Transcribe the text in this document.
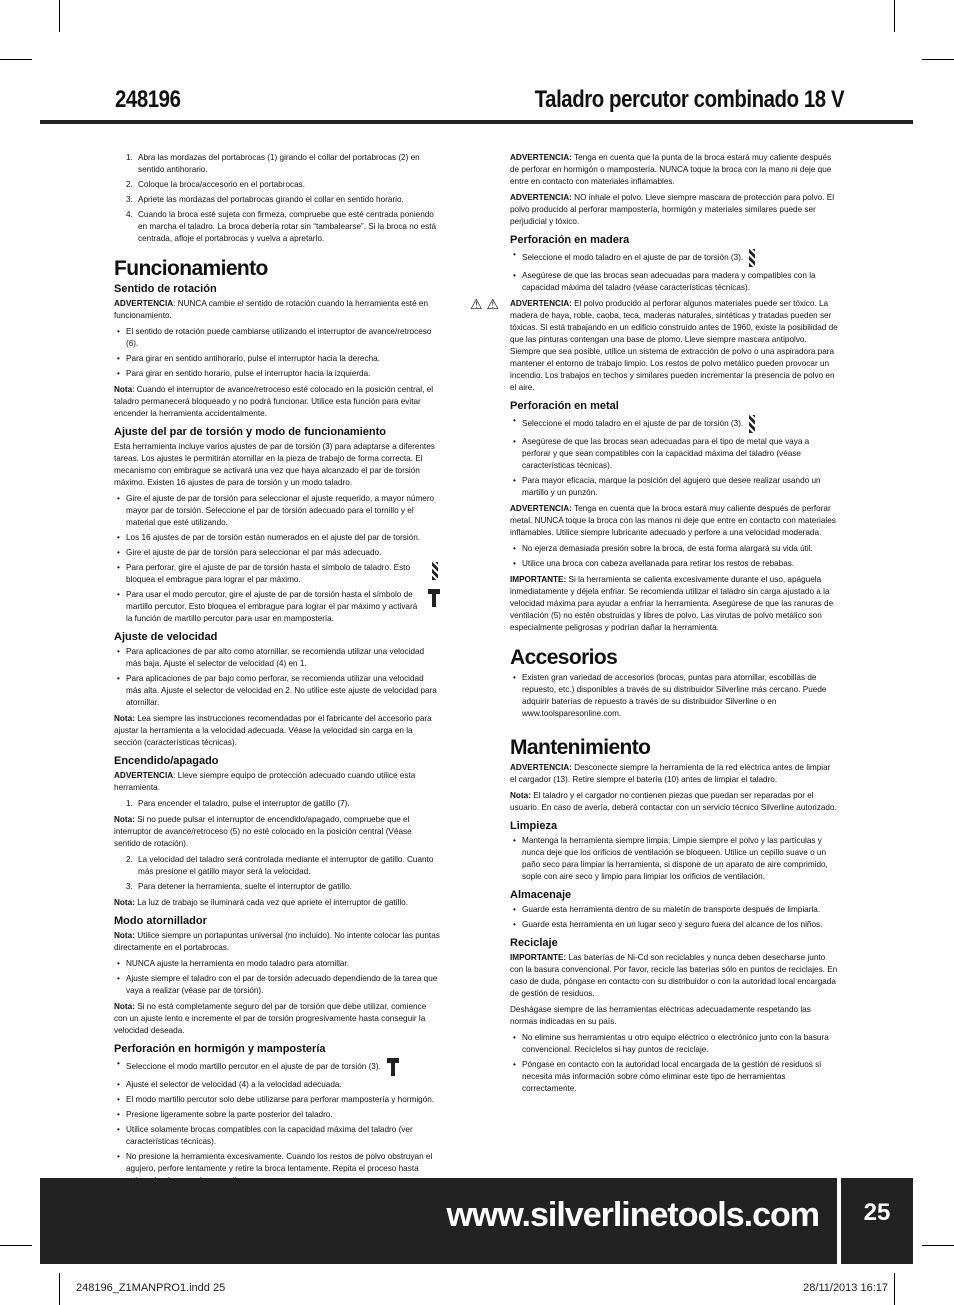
248196	Taladro percutor combinado 18 V
1. Abra las mordazas del portabrocas (1) girando el collar del portabrocas (2) en sentido antihorario.
2. Coloque la broca/accesorio en el portabrocas.
3. Apriete las mordazas del portabrocas girando el collar en sentido horario.
4. Cuando la broca esté sujeta con firmeza, compruebe que esté centrada poniendo en marcha el taladro. La broca debería rotar sin “tambalearse”. Si la broca no está centrada, afloje el portabrocas y vuelva a apretarlo.
Funcionamiento
Sentido de rotación

ADVERTENCIA: NUNCA cambie el sentido de rotación cuando la herramienta esté en funcionamiento.

• El sentido de rotación puede cambiarse utilizando el interruptor de avance/retroceso (6).
• Para girar en sentido antihorario, pulse el interruptor hacia la derecha.
• Para girar en sentido horario, pulse el interruptor hacia la izquierda.

Nota: Cuando el interruptor de avance/retroceso esté colocado en la posición central, el taladro permanecerá bloqueado y no podrá funcionar. Utilice esta función para evitar encender la herramienta accidentalmente.

Ajuste del par de torsión y modo de funcionamiento

Esta herramienta incluye varios ajustes de par de torsión (3) para adaptarse a diferentes tareas. Los ajustes le permitirán atornillar en la pieza de trabajo de forma correcta. El mecanismo con embrague se activará una vez que haya alcanzado el par de torsión máximo. Existen 16 ajustes de para de torsión y un modo taladro.

• Gire el ajuste de par de torsión para seleccionar el ajuste requerido, a mayor número mayor par de torsión. Seleccione el par de torsión adecuado para el tornillo y el material que esté utilizando.
• Los 16 ajustes de par de torsión están numerados en el ajuste del par de torsión.
• Gire el ajuste de par de torsión para seleccionar el par más adecuado.
• Para perforar, gire el ajuste de par de torsión hasta el símbolo de taladro. Esto bloquea el embrague para lograr el par máximo.
• Para usar el modo percutor, gire el ajuste de par de torsión hasta el símbolo de martillo percutor. Esto bloquea el embrague para lograr el par máximo y activará la función de martillo percutor para usar en mampostería.
Ajuste de velocidad
• Para aplicaciones de par alto como atornillar, se recomienda utilizar una velocidad más baja. Ajuste el selector de velocidad (4) en 1.
• Para aplicaciones de par bajo como perforar, se recomienda utilizar una velocidad más alta. Ajuste el selector de velocidad en 2. No utilice este ajuste de velocidad para atornillar.

Nota: Lea siempre las instrucciones recomendadas por el fabricante del accesorio para ajustar la herramienta a la velocidad adecuada. Véase la velocidad sin carga en la sección (características técnicas).

Encendido/apagado

ADVERTENCIA: Lleve siempre equipo de protección adecuado cuando utilice esta herramienta.

1. Para encender el taladro, pulse el interruptor de gatillo (7).

Nota: Si no puede pulsar el interruptor de encendido/apagado, compruebe que el interruptor de avance/retroceso (5) no esté colocado en la posición central (Véase sentido de rotación).

2. La velocidad del taladro será controlada mediante el interruptor de gatillo. Cuanto más presione el gatillo mayor será la velocidad.
3. Para detener la herramienta, suelte el interruptor de gatillo.

Nota: La luz de trabajo se iluminará cada vez que apriete el interruptor de gatillo.

Modo atornillador

Nota: Utilice siempre un portapuntas universal (no incluido). No intente colocar las puntas directamente en el portabrocas.

• NUNCA ajuste la herramienta en modo taladro para atornillar.
• Ajuste siempre el taladro con el par de torsión adecuado dependiendo de la tarea que vaya a realizar (véase par de torsión).

Nota: Si no está completamente seguro del par de torsión que debe utilizar, comience con un ajuste lento e incremente el par de torsión progresivamente hasta conseguir la velocidad deseada.

Perforación en hormigón y mampostería
• Seleccione el modo martillo percutor en el ajuste de par de torsión (3).
• Ajuste el selector de velocidad (4) a la velocidad adecuada.
• El modo martillo percutor solo debe utilizarse para perforar mampostería y hormigón.
• Presione ligeramente sobre la parte posterior del taladro.
• Utilice solamente brocas compatibles con la capacidad máxima del taladro (ver características técnicas).
• No presione la herramienta excesivamente. Cuando los restos de polvo obstruyan el agujero, perfore lentamente y retire la broca lentamente. Repita el proceso hasta

ADVERTENCIA: Tenga en cuenta que la punta de la broca estará muy caliente después de perforar en hormigón o mampostería. NUNCA toque la broca con la mano ni deje que entre en contacto con materiales inflamables.

ADVERTENCIA: NO inhale el polvo. Lleve siempre mascara de protección para polvo. El polvo producido al perforar mampostería, hormigón y materiales similares puede ser perjudicial y tóxico.

Perforación en madera
• Seleccione el modo taladro en el ajuste de par de torsión (3).
• Asegúrese de que las brocas sean adecuadas para madera y compatibles con la capacidad máxima del taladro (véase características técnicas).
⚠ ⚠ ADVERTENCIA: El polvo producido al perforar algunos materiales puede ser tóxico. La madera de haya, roble, caoba, teca, maderas naturales, sintéticas y tratadas pueden ser tóxicas. Si está trabajando en un edificio construido antes de 1960, existe la posibilidad de que las pinturas contengan una base de plomo. Lleve siempre mascara antipolvo. Siempre que sea posible, utilice un sistema de extracción de polvo o una aspiradora para mantener el entorno de trabajo limpio. Los restos de polvo metálico pueden provocar un incendio. Los trabajos en techos y similares pueden incrementar la presencia de polvo en el aire.

Perforación en metal
• Seleccione el modo taladro en el ajuste de par de torsión (3).
• Asegúrese de que las brocas sean adecuadas para el tipo de metal que vaya a perforar y que sean compatibles con la capacidad máxima del taladro (véase características técnicas).
• Para mayor eficacia, marque la posición del agujero que desee realizar usando un martillo y un punzón.

ADVERTENCIA: Tenga en cuenta que la broca estará muy caliente después de perforar metal. NUNCA toque la broca con las manos ni deje que entre en contacto con materiales inflamables. Utilice siempre lubricante adecuado y perfore a una velocidad moderada.

• No ejerza demasiada presión sobre la broca, de esta forma alargará su vida útil.
• Utilice una broca con cabeza avellanada para retirar los restos de rebabas.

IMPORTANTE: Si la herramienta se calienta excesivamente durante el uso, apáguela inmediatamente y déjela enfriar. Se recomienda utilizar el taladro sin carga ajustado a la velocidad máxima para ayudar a enfriar la herramienta. Asegúrese de que las ranuras de ventilación (5) no estén obstruidas y libres de polvo. Las virutas de polvo metálico son especialmente peligrosas y podrían dañar la herramienta.

Accesorios
• Existen gran variedad de accesorios (brocas, puntas para atornillar, escobillas de repuesto, etc.) disponibles a través de su distribuidor Silverline más cercano. Puede adquirir baterías de repuesto a través de su distribuidor Silverline o en www.toolsparesonline.com.
Mantenimiento

ADVERTENCIA: Desconecte siempre la herramienta de la red eléctrica antes de limpiar el cargador (13). Retire siempre el batería (10) antes de limpiar el taladro.

Nota: El taladro y el cargador no contienen piezas que puedan ser reparadas por el usuario. En caso de avería, deberá contactar con un servicio técnico Silverline autorizado.

Limpieza
• Mantenga la herramienta siempre limpia. Limpie siempre el polvo y las partículas y nunca deje que los orificios de ventilación se bloqueen. Utilice un cepillo suave o un paño seco para limpiar la herramienta, si dispone de un aparato de aire comprimido, sople con aire seco y limpio para limpiar los orificios de ventilación.
Almacenaje
• Guarde esta herramienta dentro de su maletín de transporte después de limpiarla.
• Guarde esta herramienta en un lugar seco y seguro fuera del alcance de los niños.
Reciclaje

IMPORTANTE: Las baterías de Ni-Cd son reciclables y nunca deben desecharse junto con la basura convencional. Por favor, recicle las baterías sólo en puntos de reciclajes. En caso de duda, póngase en contacto con su distribuidor o con la autoridad local encargada de gestión de residuos.

Deshágase siempre de las herramientas eléctricas adecuadamente respetando las normas indicadas en su país.

• No elimine sus herramientas u otro equipo eléctrico o electrónico junto con la basura convencional. Recíclelos si hay puntos de reciclaje.
• Póngase en contacto con la autoridad local encargada de la gestión de residuos si necesita más información sobre cómo eliminar este tipo de herramientas correctamente.
www.silverlinetools.com	25
248196_Z1MANPRO1.indd 25	28/11/2013 16:17
